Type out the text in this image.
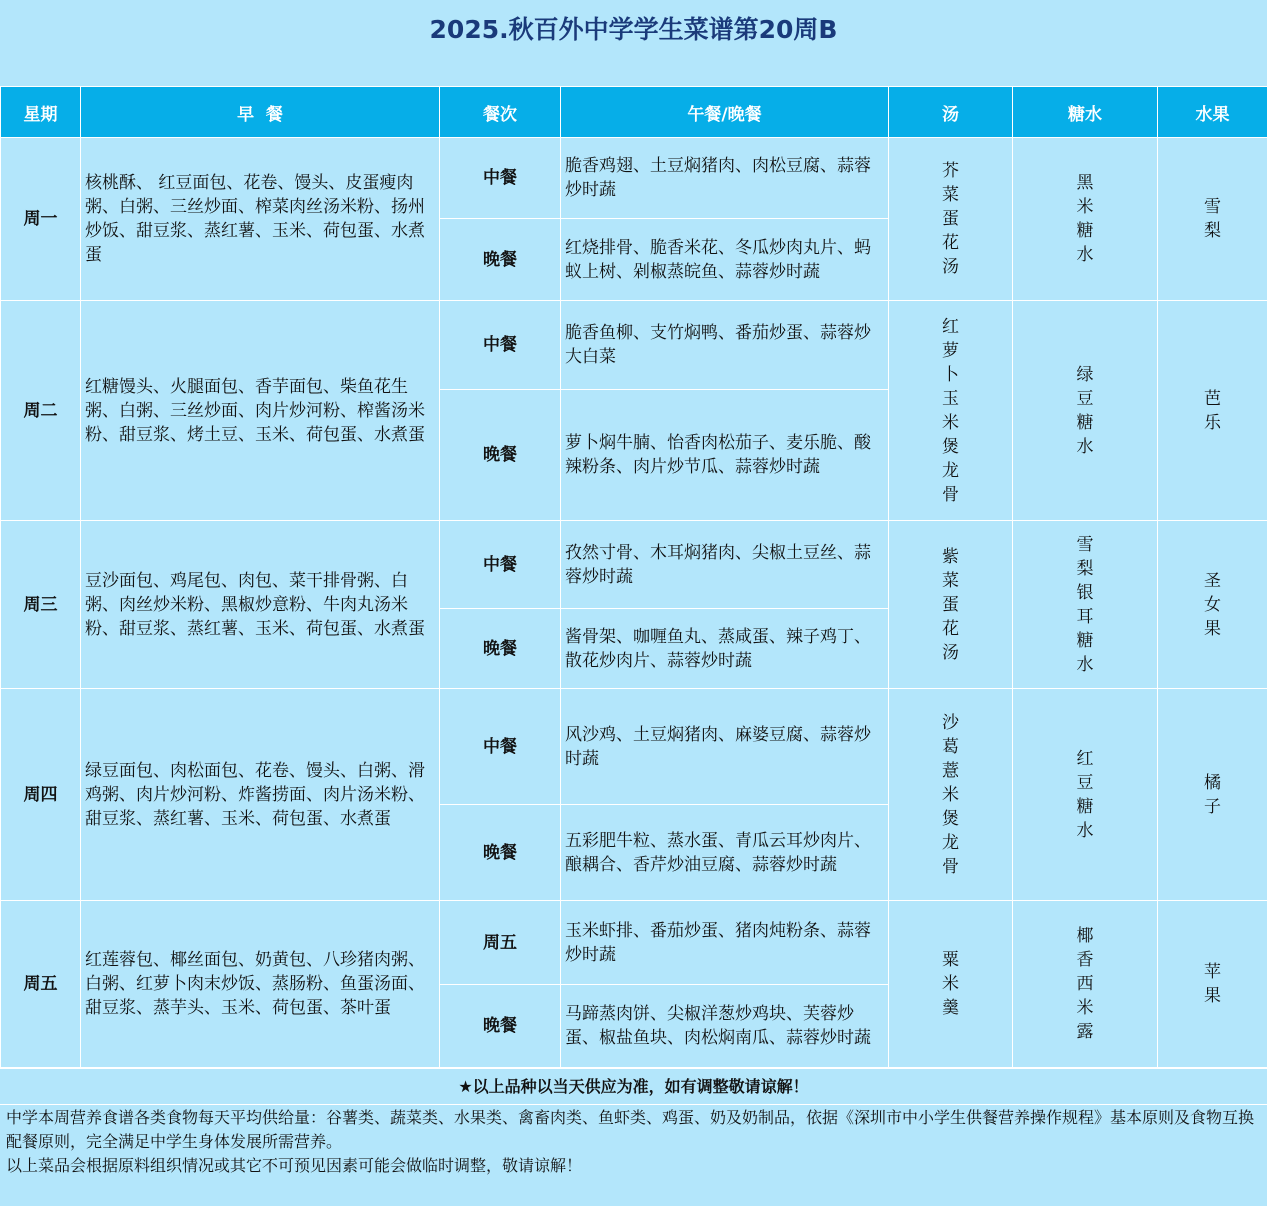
2025.秋百外中学学生菜谱第20周B
星期	早  餐	餐次	午餐/晚餐	汤	糖水	水果
周一	核桃酥、 红豆面包、花卷、馒头、皮蛋瘦肉粥、白粥、三丝炒面、榨菜肉丝汤米粉、扬州炒饭、甜豆浆、蒸红薯、玉米、荷包蛋、水煮蛋	中餐	脆香鸡翅、土豆焖猪肉、肉松豆腐、蒜蓉炒时蔬	芥菜蛋花汤	黑米糖水	雪梨
		晚餐	红烧排骨、脆香米花、冬瓜炒肉丸片、蚂蚁上树、剁椒蒸皖鱼、蒜蓉炒时蔬			
周二	红糖馒头、火腿面包、香芋面包、柴鱼花生粥、白粥、三丝炒面、肉片炒河粉、榨酱汤米粉、甜豆浆、烤土豆、玉米、荷包蛋、水煮蛋	中餐	脆香鱼柳、支竹焖鸭、番茄炒蛋、蒜蓉炒大白菜	红萝卜玉米煲龙骨	绿豆糖水	芭乐
		晚餐	萝卜焖牛腩、怡香肉松茄子、麦乐脆、酸辣粉条、肉片炒节瓜、蒜蓉炒时蔬			
周三	豆沙面包、鸡尾包、肉包、菜干排骨粥、白粥、肉丝炒米粉、黑椒炒意粉、牛肉丸汤米粉、甜豆浆、蒸红薯、玉米、荷包蛋、水煮蛋	中餐	孜然寸骨、木耳焖猪肉、尖椒土豆丝、蒜蓉炒时蔬	紫菜蛋花汤	雪梨银耳糖水	圣女果
		晚餐	酱骨架、咖喱鱼丸、蒸咸蛋、辣子鸡丁、散花炒肉片、蒜蓉炒时蔬			
周四	绿豆面包、肉松面包、花卷、馒头、白粥、滑鸡粥、肉片炒河粉、炸酱捞面、肉片汤米粉、甜豆浆、蒸红薯、玉米、荷包蛋、水煮蛋	中餐	风沙鸡、土豆焖猪肉、麻婆豆腐、蒜蓉炒时蔬	沙葛薏米煲龙骨	红豆糖水	橘子
		晚餐	五彩肥牛粒、蒸水蛋、青瓜云耳炒肉片、酿耦合、香芹炒油豆腐、蒜蓉炒时蔬			
周五	红莲蓉包、椰丝面包、奶黄包、八珍猪肉粥、白粥、红萝卜肉末炒饭、蒸肠粉、鱼蛋汤面、甜豆浆、蒸芋头、玉米、荷包蛋、茶叶蛋	周五	玉米虾排、番茄炒蛋、猪肉炖粉条、蒜蓉炒时蔬	粟米羹	椰香西米露	苹果
		晚餐	马蹄蒸肉饼、尖椒洋葱炒鸡块、芙蓉炒蛋、椒盐鱼块、肉松焖南瓜、蒜蓉炒时蔬			
★以上品种以当天供应为准，如有调整敬请谅解！
中学本周营养食谱各类食物每天平均供给量：谷薯类、蔬菜类、水果类、禽畜肉类、鱼虾类、鸡蛋、奶及奶制品，依据《深圳市中小学生供餐营养操作规程》基本原则及食物互换配餐原则，完全满足中学生身体发展所需营养。
以上菜品会根据原料组织情况或其它不可预见因素可能会做临时调整，敬请谅解！
